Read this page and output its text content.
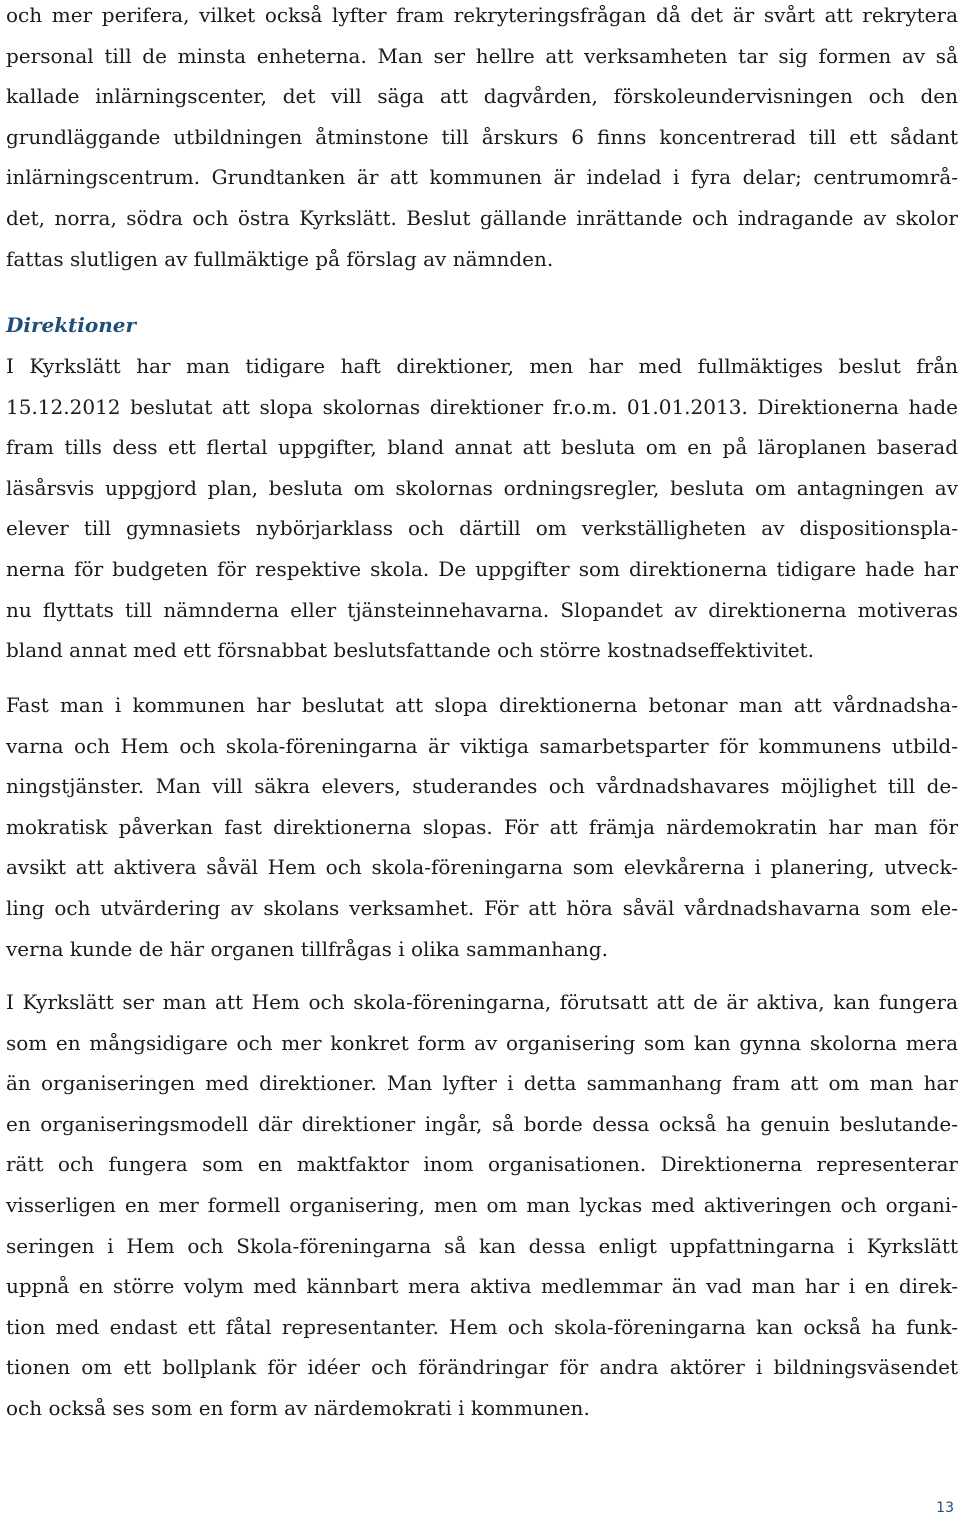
och mer perifera, vilket också lyfter fram rekryteringsfrågan då det är svårt att rekrytera
personal till de minsta enheterna. Man ser hellre att verksamheten tar sig formen av så
kallade inlärningscenter, det vill säga att dagvården, förskoleundervisningen och den
grundläggande utbildningen åtminstone till årskurs 6 finns koncentrerad till ett sådant
inlärningscentrum. Grundtanken är att kommunen är indelad i fyra delar; centrumområ-
det, norra, södra och östra Kyrkslätt. Beslut gällande inrättande och indragande av skolor
fattas slutligen av fullmäktige på förslag av nämnden.
Direktioner
I Kyrkslätt har man tidigare haft direktioner, men har med fullmäktiges beslut från
15.12.2012 beslutat att slopa skolornas direktioner fr.o.m. 01.01.2013. Direktionerna hade
fram tills dess ett flertal uppgifter, bland annat att besluta om en på läroplanen baserad
läsårsvis uppgjord plan, besluta om skolornas ordningsregler, besluta om antagningen av
elever till gymnasiets nybörjarklass och därtill om verkställigheten av dispositionspla-
nerna för budgeten för respektive skola. De uppgifter som direktionerna tidigare hade har
nu flyttats till nämnderna eller tjänsteinnehavarna. Slopandet av direktionerna motiveras
bland annat med ett försnabbat beslutsfattande och större kostnadseffektivitet.
Fast man i kommunen har beslutat att slopa direktionerna betonar man att vårdnadsha-
varna och Hem och skola-föreningarna är viktiga samarbetsparter för kommunens utbild-
ningstjänster. Man vill säkra elevers, studerandes och vårdnadshavares möjlighet till de-
mokratisk påverkan fast direktionerna slopas. För att främja närdemokratin har man för
avsikt att aktivera såväl Hem och skola-föreningarna som elevkårerna i planering, utveck-
ling och utvärdering av skolans verksamhet. För att höra såväl vårdnadshavarna som ele-
verna kunde de här organen tillfrågas i olika sammanhang.
I Kyrkslätt ser man att Hem och skola-föreningarna, förutsatt att de är aktiva, kan fungera
som en mångsidigare och mer konkret form av organisering som kan gynna skolorna mera
än organiseringen med direktioner. Man lyfter i detta sammanhang fram att om man har
en organiseringsmodell där direktioner ingår, så borde dessa också ha genuin beslutande-
rätt och fungera som en maktfaktor inom organisationen. Direktionerna representerar
visserligen en mer formell organisering, men om man lyckas med aktiveringen och organi-
seringen i Hem och Skola-föreningarna så kan dessa enligt uppfattningarna i Kyrkslätt
uppnå en större volym med kännbart mera aktiva medlemmar än vad man har i en direk-
tion med endast ett fåtal representanter. Hem och skola-föreningarna kan också ha funk-
tionen om ett bollplank för idéer och förändringar för andra aktörer i bildningsväsendet
och också ses som en form av närdemokrati i kommunen.
13
